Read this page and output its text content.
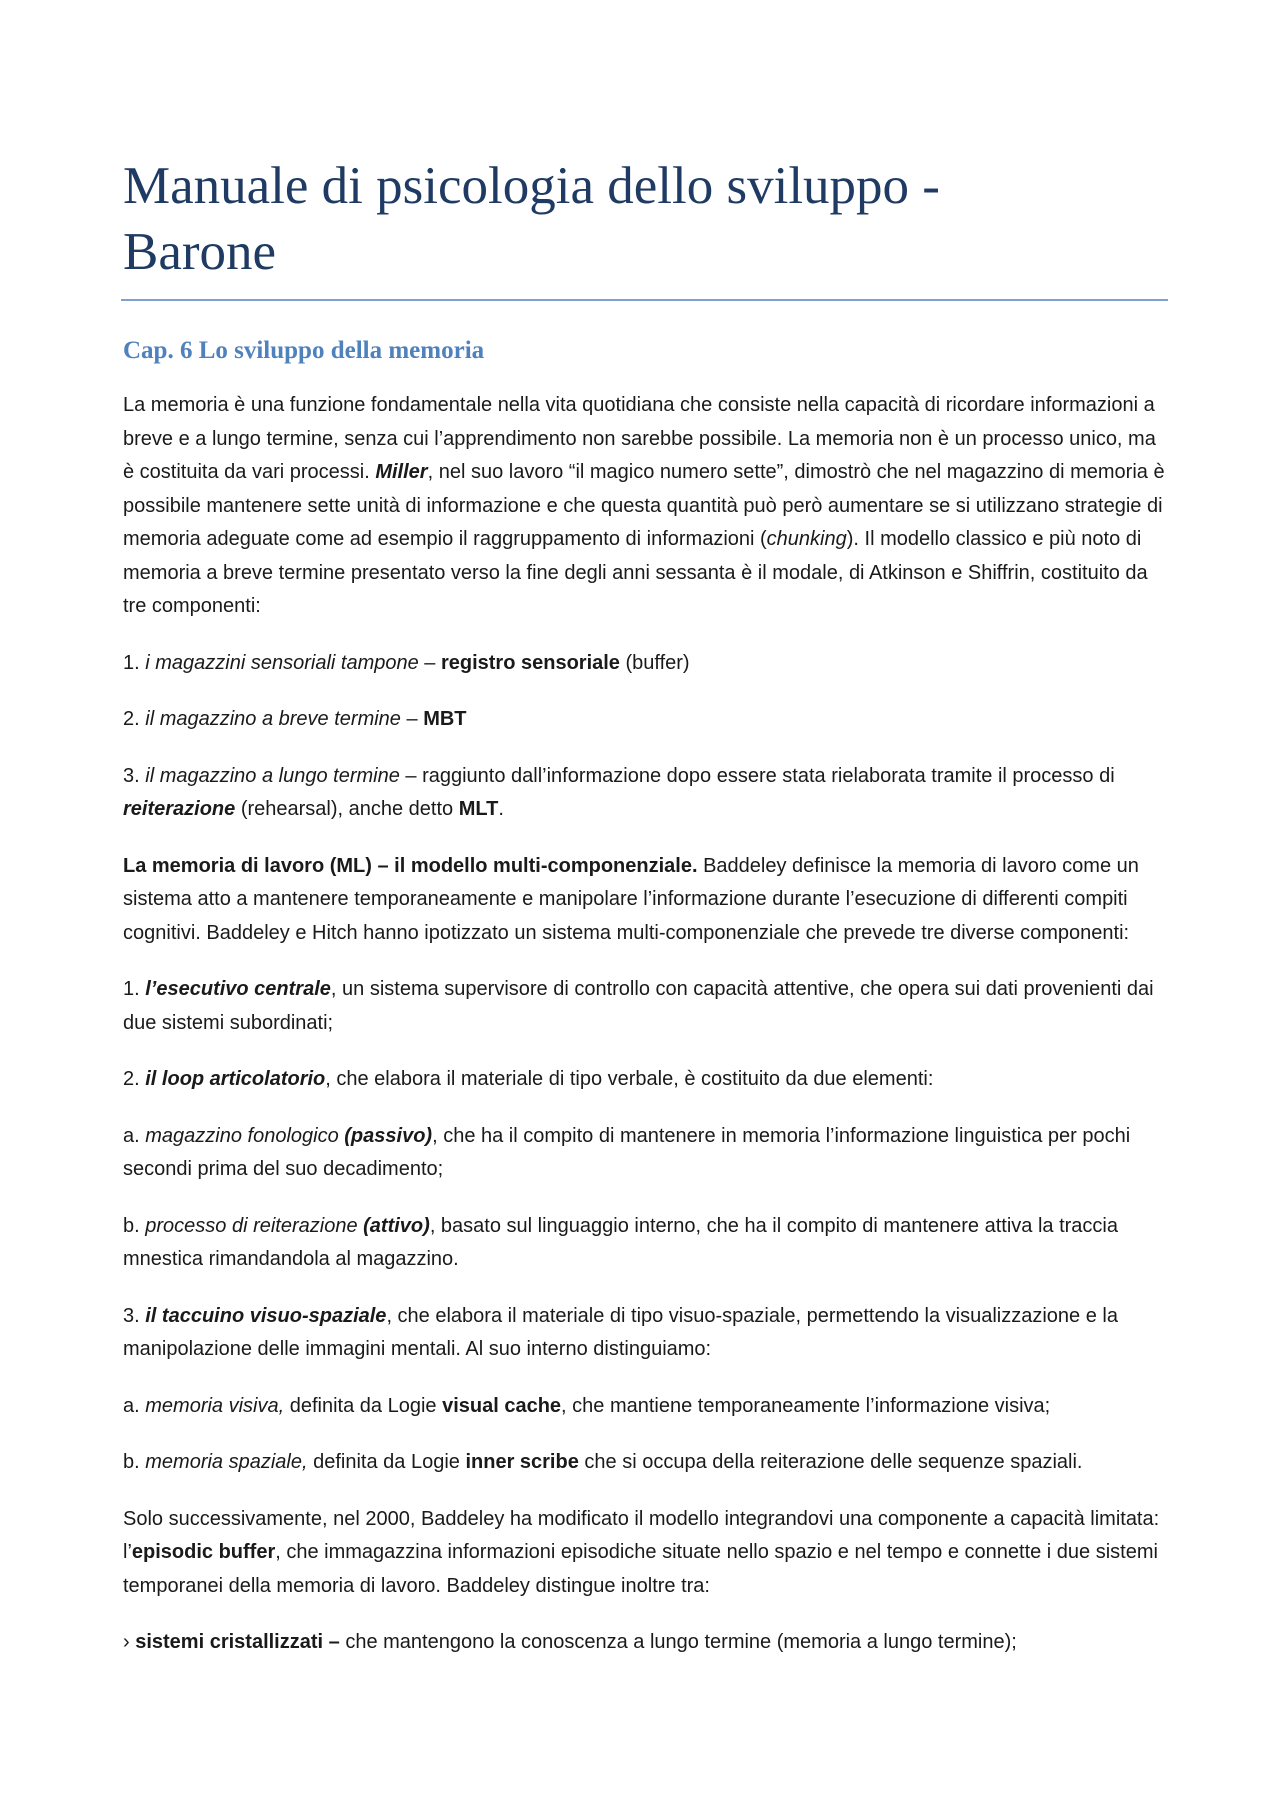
Manuale di psicologia dello sviluppo - Barone
Cap. 6 Lo sviluppo della memoria

La memoria è una funzione fondamentale nella vita quotidiana che consiste nella capacità di ricordare informazioni a breve e a lungo termine, senza cui l’apprendimento non sarebbe possibile. La memoria non è un processo unico, ma è costituita da vari processi. Miller, nel suo lavoro “il magico numero sette”, dimostrò che nel magazzino di memoria è possibile mantenere sette unità di informazione e che questa quantità può però aumentare se si utilizzano strategie di memoria adeguate come ad esempio il raggruppamento di informazioni (chunking). Il modello classico e più noto di memoria a breve termine presentato verso la fine degli anni sessanta è il modale, di Atkinson e Shiffrin, costituito da tre componenti:

1. i magazzini sensoriali tampone – registro sensoriale (buffer)

2. il magazzino a breve termine – MBT

3. il magazzino a lungo termine – raggiunto dall’informazione dopo essere stata rielaborata tramite il processo di reiterazione (rehearsal), anche detto MLT.

La memoria di lavoro (ML) – il modello multi-componenziale. Baddeley definisce la memoria di lavoro come un sistema atto a mantenere temporaneamente e manipolare l’informazione durante l’esecuzione di differenti compiti cognitivi. Baddeley e Hitch hanno ipotizzato un sistema multi-componenziale che prevede tre diverse componenti:

1. l’esecutivo centrale, un sistema supervisore di controllo con capacità attentive, che opera sui dati provenienti dai due sistemi subordinati;

2. il loop articolatorio, che elabora il materiale di tipo verbale, è costituito da due elementi:

a. magazzino fonologico (passivo), che ha il compito di mantenere in memoria l’informazione linguistica per pochi secondi prima del suo decadimento;

b. processo di reiterazione (attivo), basato sul linguaggio interno, che ha il compito di mantenere attiva la traccia mnestica rimandandola al magazzino.

3. il taccuino visuo-spaziale, che elabora il materiale di tipo visuo-spaziale, permettendo la visualizzazione e la manipolazione delle immagini mentali. Al suo interno distinguiamo:

a. memoria visiva, definita da Logie visual cache, che mantiene temporaneamente l’informazione visiva;

b. memoria spaziale, definita da Logie inner scribe che si occupa della reiterazione delle sequenze spaziali.

Solo successivamente, nel 2000, Baddeley ha modificato il modello integrandovi una componente a capacità limitata: l’episodic buffer, che immagazzina informazioni episodiche situate nello spazio e nel tempo e connette i due sistemi temporanei della memoria di lavoro. Baddeley distingue inoltre tra:

› sistemi cristallizzati – che mantengono la conoscenza a lungo termine (memoria a lungo termine);
